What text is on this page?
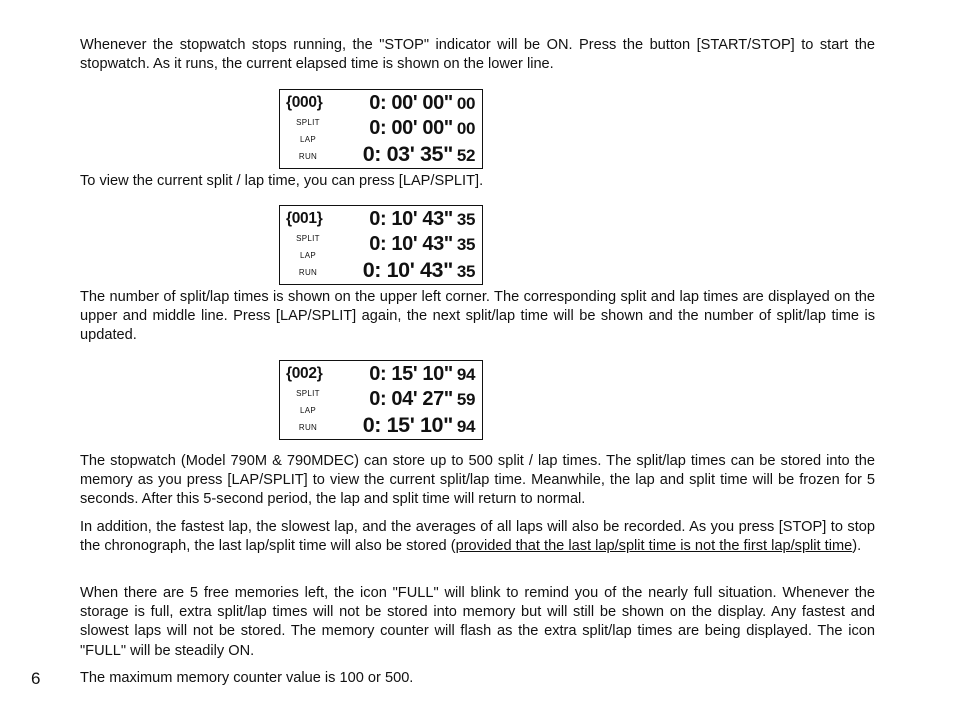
Whenever the stopwatch stops running, the "STOP" indicator will be ON. Press the button [START/STOP] to start the stopwatch. As it runs, the current elapsed time is shown on the lower line.

{000}
SPLIT
LAP
RUN
0: 00' 00" 00
0: 00' 00" 00
0: 03' 35" 52

To view the current split / lap time, you can press [LAP/SPLIT].

{001}
SPLIT
LAP
RUN
0: 10' 43" 35
0: 10' 43" 35
0: 10' 43" 35

The number of split/lap times is shown on the upper left corner. The corresponding split and lap times are displayed on the upper and middle line. Press [LAP/SPLIT] again, the next split/lap time will be shown and the number of split/lap time is updated.

{002}
SPLIT
LAP
RUN
0: 15' 10" 94
0: 04' 27" 59
0: 15' 10" 94

The stopwatch (Model 790M & 790MDEC) can store up to 500 split / lap times. The split/lap times can be stored into the memory as you press [LAP/SPLIT] to view the current split/lap time. Meanwhile, the lap and split time will be frozen for 5 seconds. After this 5-second period, the lap and split time will return to normal.

In addition, the fastest lap, the slowest lap, and the averages of all laps will also be recorded. As you press [STOP] to stop the chronograph, the last lap/split time will also be stored (provided that the last lap/split time is not the first lap/split time).

When there are 5 free memories left, the icon "FULL" will blink to remind you of the nearly full situation. Whenever the storage is full, extra split/lap times will not be stored into memory but will still be shown on the display. Any fastest and slowest laps will not be stored. The memory counter will flash as the extra split/lap times are being displayed. The icon "FULL" will be steadily ON.

6	The maximum memory counter value is 100 or 500.
